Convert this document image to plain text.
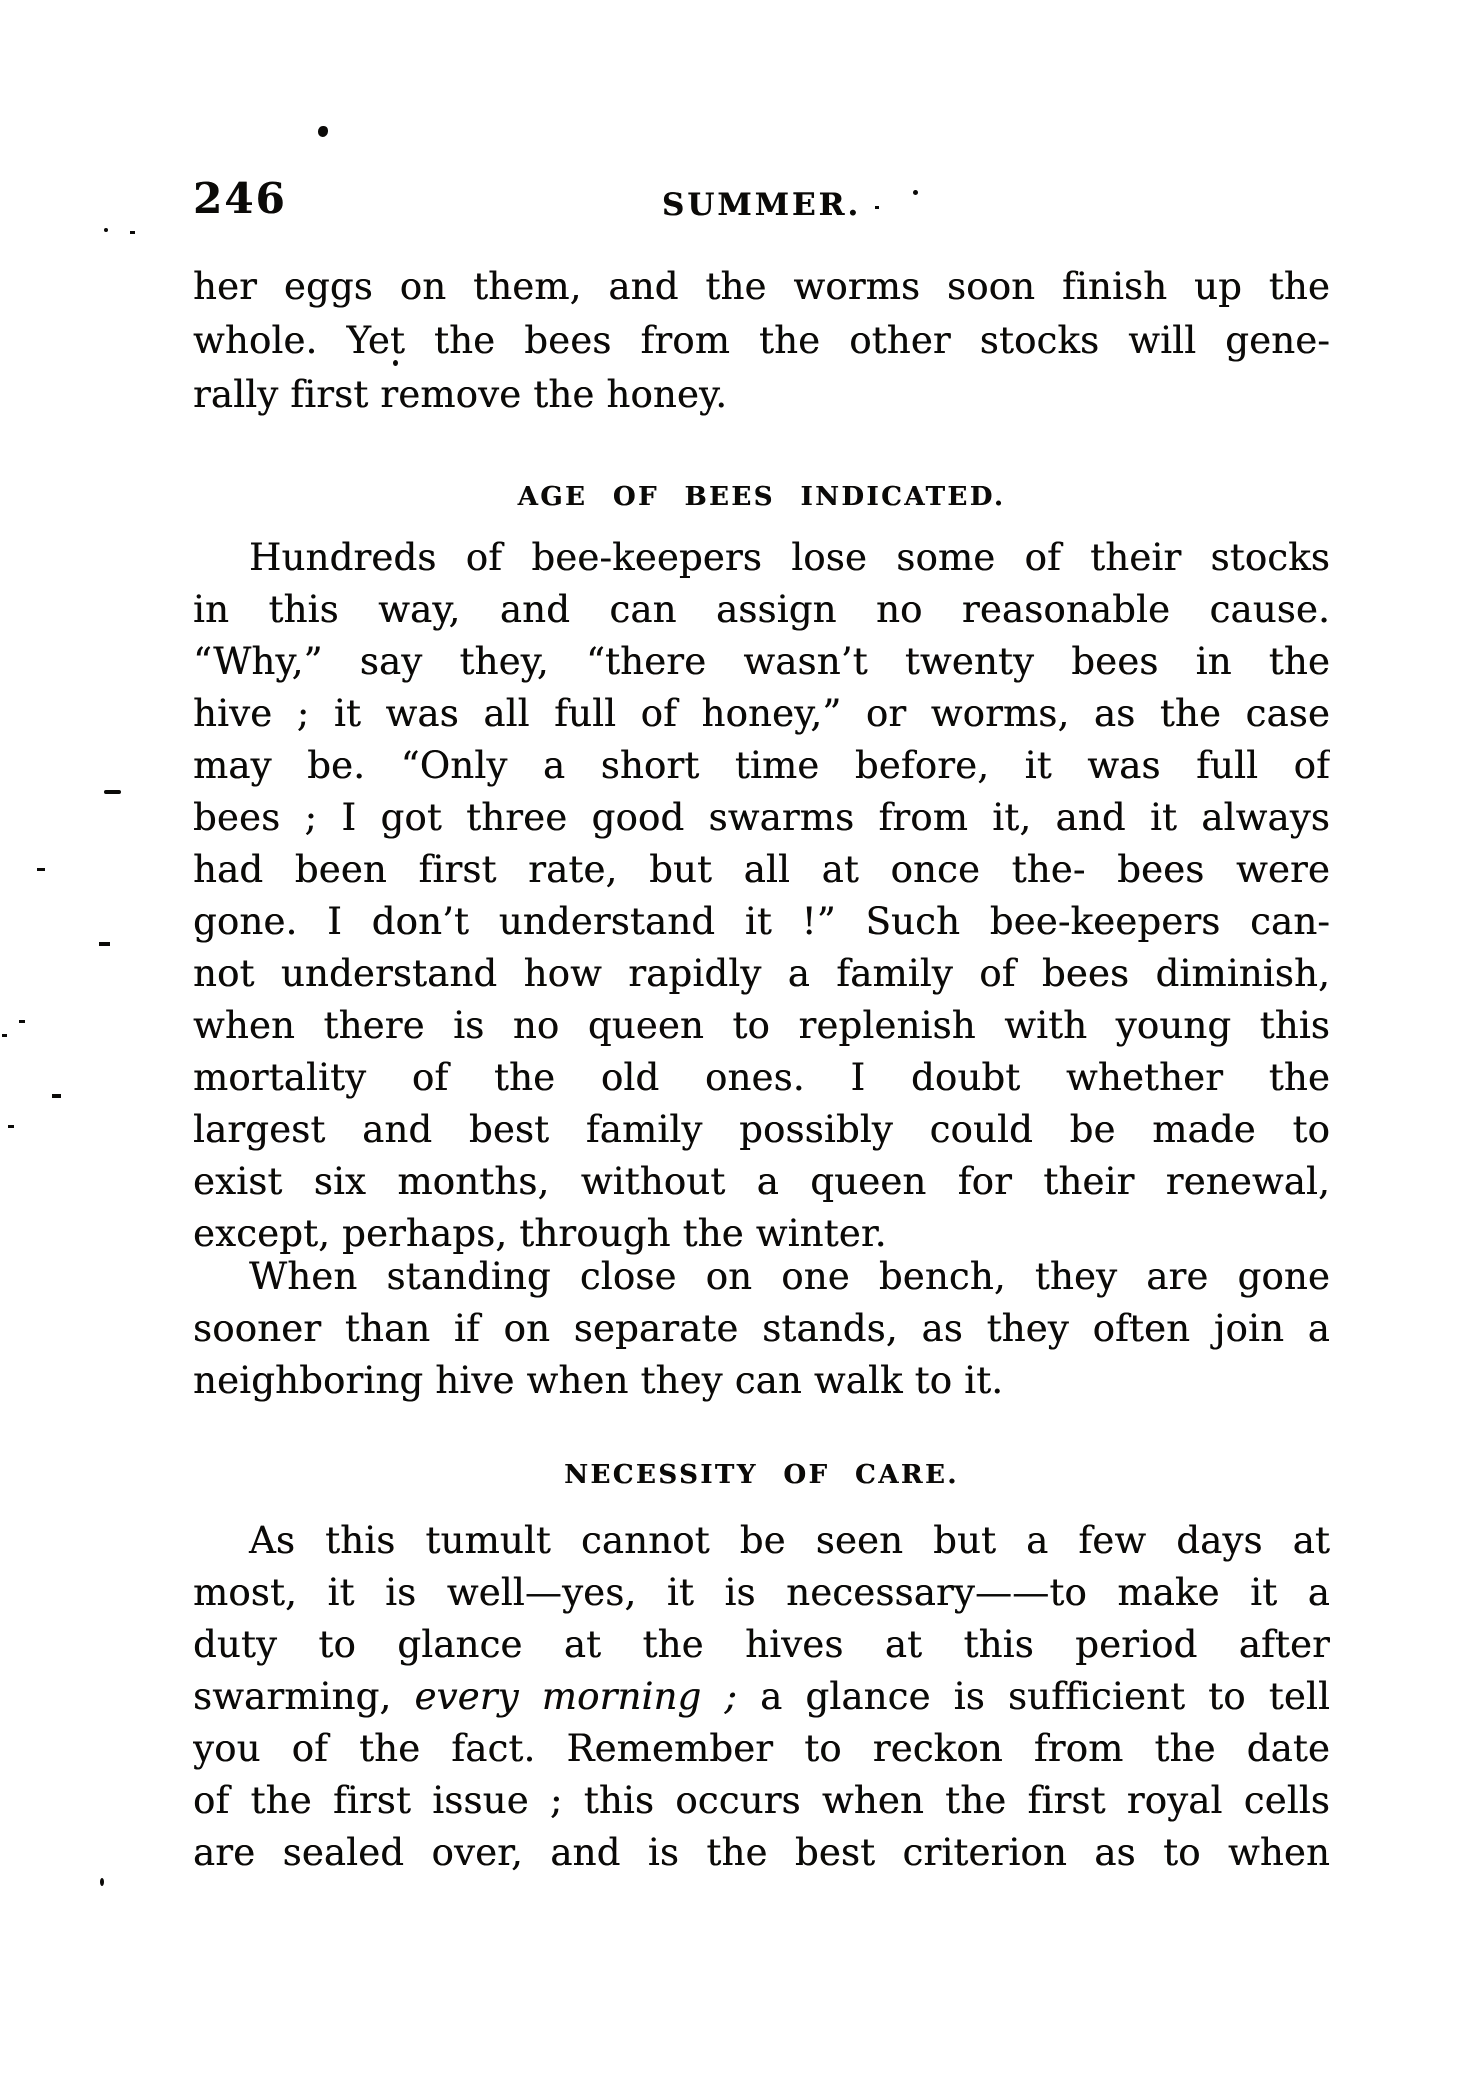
246	SUMMER.
her eggs on them, and the worms soon finish up the
whole. Yet the bees from the other stocks will gene-
rally first remove the honey.
AGE OF BEES INDICATED.
Hundreds of bee-keepers lose some of their stocks
in this way, and can assign no reasonable cause.
“Why,” say they, “there wasn’t twenty bees in the
hive ; it was all full of honey,” or worms, as the case
may be. “Only a short time before, it was full of
bees ; I got three good swarms from it, and it always
had been first rate, but all at once the- bees were
gone. I don’t understand it !” Such bee-keepers can-
not understand how rapidly a family of bees diminish,
when there is no queen to replenish with young this
mortality of the old ones. I doubt whether the
largest and best family possibly could be made to
exist six months, without a queen for their renewal,
except, perhaps, through the winter.
When standing close on one bench, they are gone
sooner than if on separate stands, as they often join a
neighboring hive when they can walk to it.
NECESSITY OF CARE.
As this tumult cannot be seen but a few days at
most, it is well—yes, it is necessary——to make it a
duty to glance at the hives at this period after
swarming, every morning ; a glance is sufficient to tell
you of the fact. Remember to reckon from the date
of the first issue ; this occurs when the first royal cells
are sealed over, and is the best criterion as to when
